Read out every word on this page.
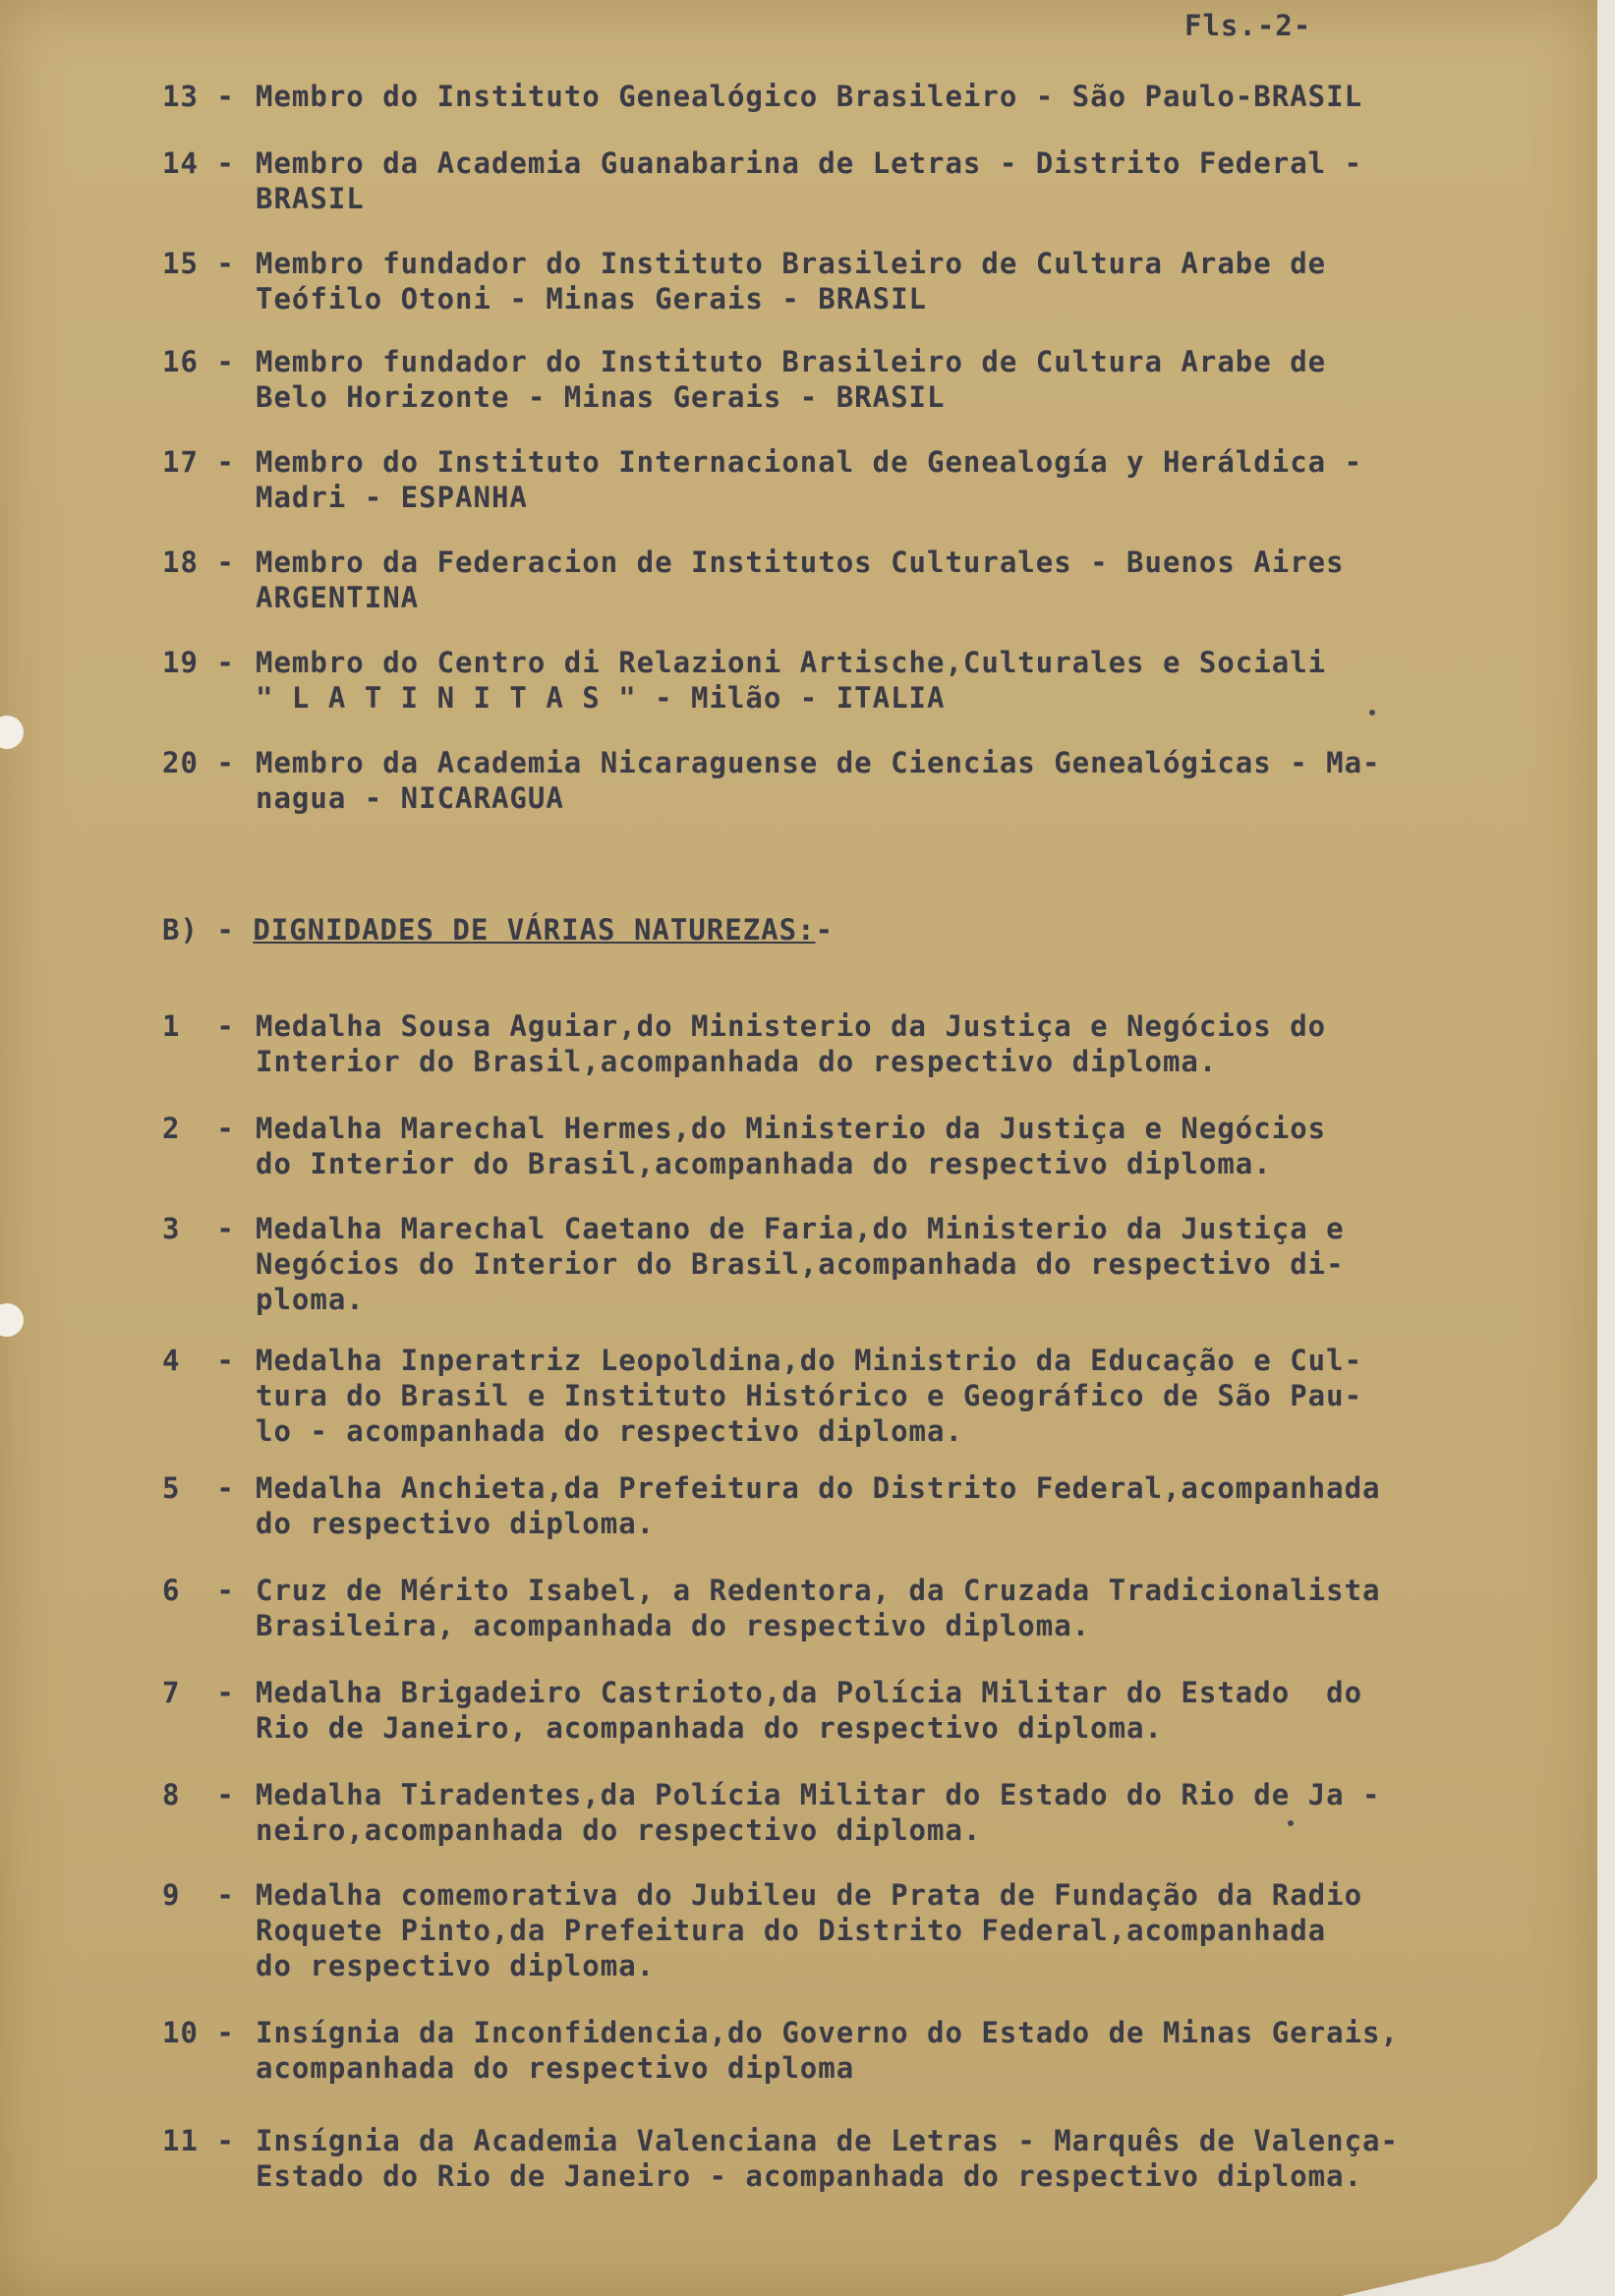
Fls.-2-
13 - Membro do Instituto Genealógico Brasileiro - São Paulo-BRASIL
14 - Membro da Academia Guanabarina de Letras - Distrito Federal -
BRASIL
15 - Membro fundador do Instituto Brasileiro de Cultura Arabe de
Teófilo Otoni - Minas Gerais - BRASIL
16 - Membro fundador do Instituto Brasileiro de Cultura Arabe de
Belo Horizonte - Minas Gerais - BRASIL
17 - Membro do Instituto Internacional de Genealogía y Heráldica -
Madri - ESPANHA
18 - Membro da Federacion de Institutos Culturales - Buenos Aires
ARGENTINA
19 - Membro do Centro di Relazioni Artische,Culturales e Sociali
" L A T I N I T A S " - Milão - ITALIA
20 - Membro da Academia Nicaraguense de Ciencias Genealógicas - Ma-
nagua - NICARAGUA
B) - DIGNIDADES DE VÁRIAS NATUREZAS:-
1  - Medalha Sousa Aguiar,do Ministerio da Justiça e Negócios do
Interior do Brasil,acompanhada do respectivo diploma.
2  - Medalha Marechal Hermes,do Ministerio da Justiça e Negócios
do Interior do Brasil,acompanhada do respectivo diploma.
3  - Medalha Marechal Caetano de Faria,do Ministerio da Justiça e
Negócios do Interior do Brasil,acompanhada do respectivo di-
ploma.
4  - Medalha Inperatriz Leopoldina,do Ministrio da Educação e Cul-
tura do Brasil e Instituto Histórico e Geográfico de São Pau-
lo - acompanhada do respectivo diploma.
5  - Medalha Anchieta,da Prefeitura do Distrito Federal,acompanhada
do respectivo diploma.
6  - Cruz de Mérito Isabel, a Redentora, da Cruzada Tradicionalista
Brasileira, acompanhada do respectivo diploma.
7  - Medalha Brigadeiro Castrioto,da Polícia Militar do Estado  do
Rio de Janeiro, acompanhada do respectivo diploma.
8  - Medalha Tiradentes,da Polícia Militar do Estado do Rio de Ja -
neiro,acompanhada do respectivo diploma.
9  - Medalha comemorativa do Jubileu de Prata de Fundação da Radio
Roquete Pinto,da Prefeitura do Distrito Federal,acompanhada
do respectivo diploma.
10 - Insígnia da Inconfidencia,do Governo do Estado de Minas Gerais,
acompanhada do respectivo diploma
11 - Insígnia da Academia Valenciana de Letras - Marquês de Valença-
Estado do Rio de Janeiro - acompanhada do respectivo diploma.
